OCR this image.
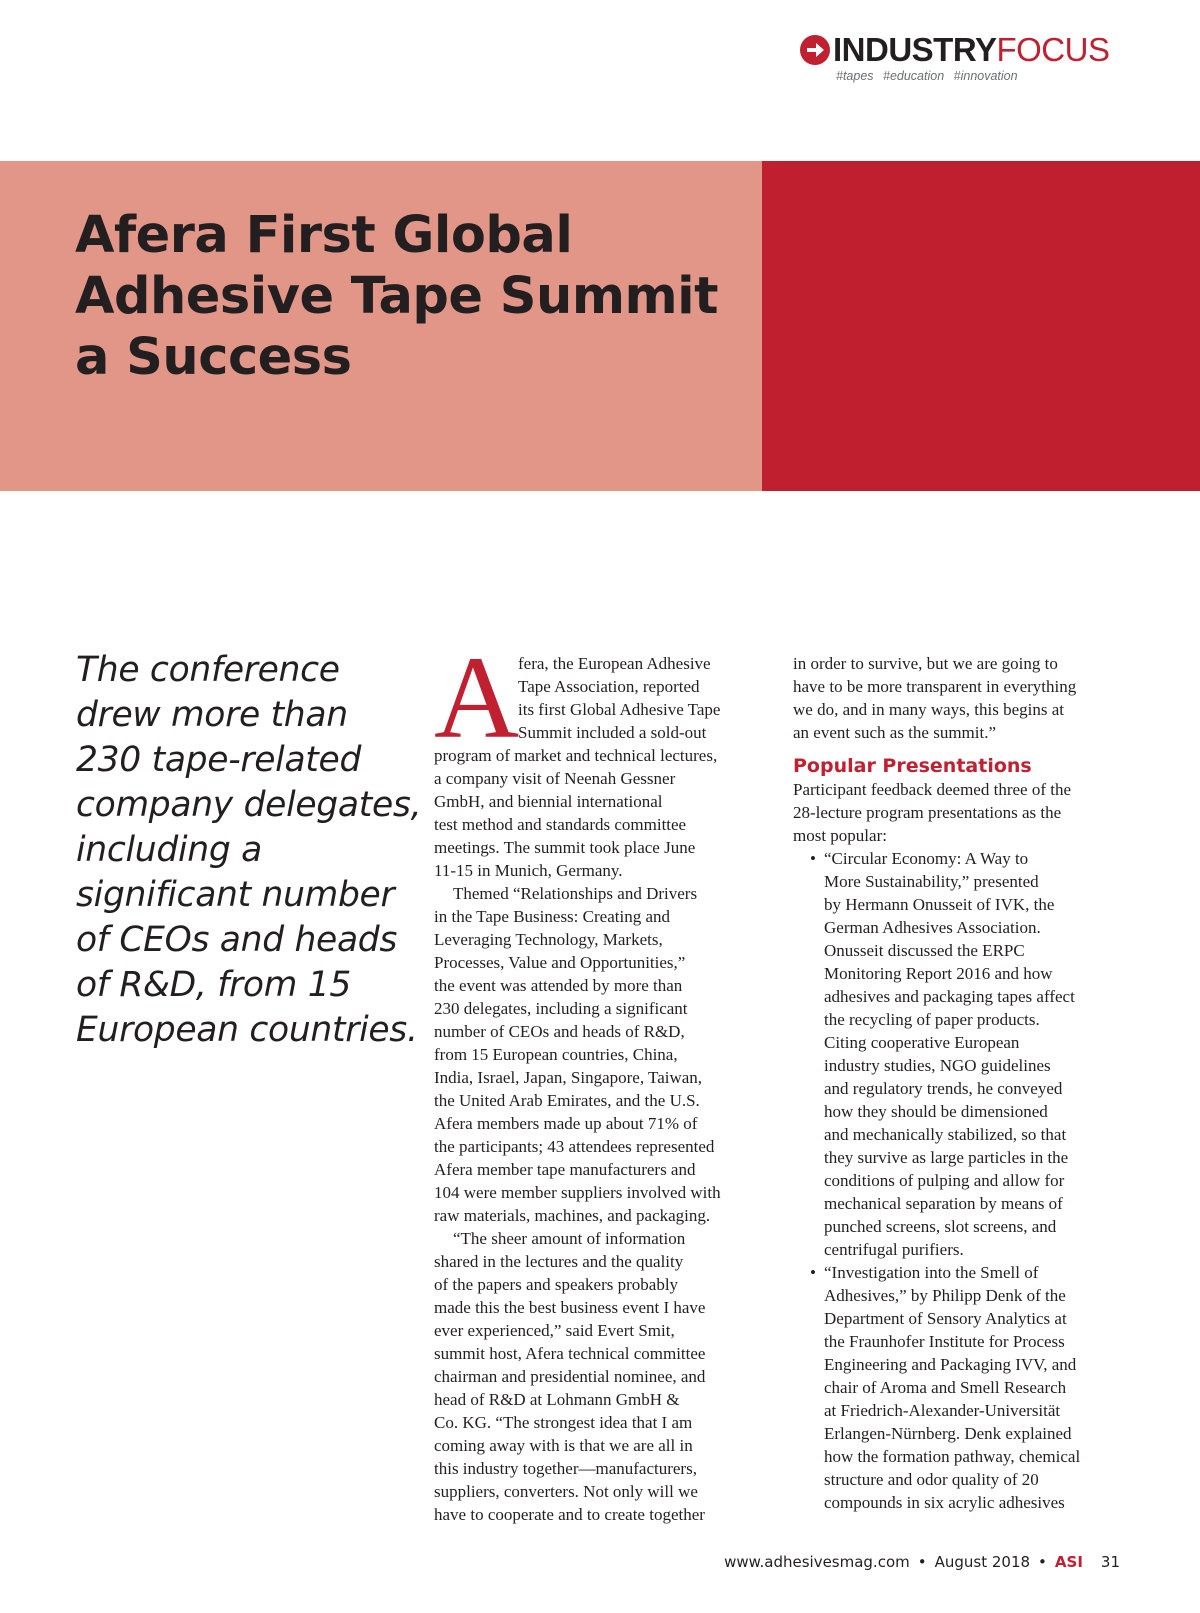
INDUSTRY FOCUS
#tapes #education #innovation
Afera First Global
Adhesive Tape Summit
a Success
The conference
drew more than
230 tape-related
company delegates,
including a
significant number
of CEOs and heads
of R&D, from 15
European countries.
A
fera, the European Adhesive
Tape Association, reported
its first Global Adhesive Tape
Summit included a sold-out
program of market and technical lectures,
a company visit of Neenah Gessner
GmbH, and biennial international
test method and standards committee
meetings. The summit took place June
11-15 in Munich, Germany.
Themed “Relationships and Drivers
in the Tape Business: Creating and
Leveraging Technology, Markets,
Processes, Value and Opportunities,”
the event was attended by more than
230 delegates, including a significant
number of CEOs and heads of R&D,
from 15 European countries, China,
India, Israel, Japan, Singapore, Taiwan,
the United Arab Emirates, and the U.S.
Afera members made up about 71% of
the participants; 43 attendees represented
Afera member tape manufacturers and
104 were member suppliers involved with
raw materials, machines, and packaging.
“The sheer amount of information
shared in the lectures and the quality
of the papers and speakers probably
made this the best business event I have
ever experienced,” said Evert Smit,
summit host, Afera technical committee
chairman and presidential nominee, and
head of R&D at Lohmann GmbH &
Co. KG. “The strongest idea that I am
coming away with is that we are all in
this industry together—manufacturers,
suppliers, converters. Not only will we
have to cooperate and to create together
in order to survive, but we are going to
have to be more transparent in everything
we do, and in many ways, this begins at
an event such as the summit.”
Popular Presentations
Participant feedback deemed three of the
28-lecture program presentations as the
most popular:
• “Circular Economy: A Way to
More Sustainability,” presented
by Hermann Onusseit of IVK, the
German Adhesives Association.
Onusseit discussed the ERPC
Monitoring Report 2016 and how
adhesives and packaging tapes affect
the recycling of paper products.
Citing cooperative European
industry studies, NGO guidelines
and regulatory trends, he conveyed
how they should be dimensioned
and mechanically stabilized, so that
they survive as large particles in the
conditions of pulping and allow for
mechanical separation by means of
punched screens, slot screens, and
centrifugal purifiers.
• “Investigation into the Smell of
Adhesives,” by Philipp Denk of the
Department of Sensory Analytics at
the Fraunhofer Institute for Process
Engineering and Packaging IVV, and
chair of Aroma and Smell Research
at Friedrich-Alexander-Universität
Erlangen-Nürnberg. Denk explained
how the formation pathway, chemical
structure and odor quality of 20
compounds in six acrylic adhesives
www.adhesivesmag.com • August 2018 • ASI 31
